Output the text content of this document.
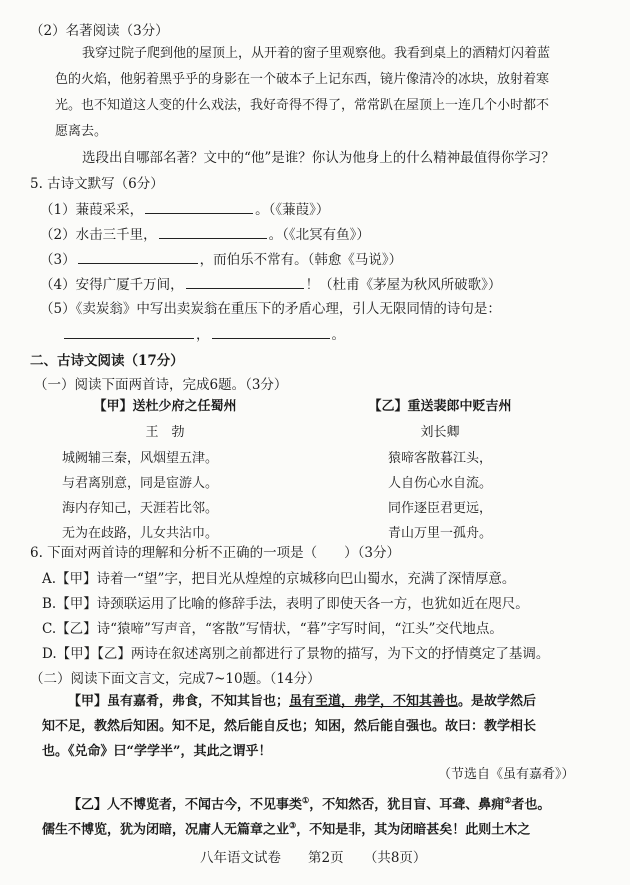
（2）名著阅读（3分）
我穿过院子爬到他的屋顶上，从开着的窗子里观察他。我看到桌上的酒精灯闪着蓝
色的火焰，他躬着黑乎乎的身影在一个破本子上记东西，镜片像清冷的冰块，放射着寒
光。也不知道这人变的什么戏法，我好奇得不得了，常常趴在屋顶上一连几个小时都不
愿离去。
选段出自哪部名著？文中的“他”是谁？你认为他身上的什么精神最值得你学习？
5. 古诗文默写（6分）
（1）蒹葭采采，	。（《蒹葭》）
（2）水击三千里，	。（《北冥有鱼》）
（3）	，而伯乐不常有。（韩愈《马说》）
（4）安得广厦千万间，	！（杜甫《茅屋为秋风所破歌》）
（5）《卖炭翁》中写出卖炭翁在重压下的矛盾心理，引人无限同情的诗句是：
，	。
二、古诗文阅读（17分）
（一）阅读下面两首诗，完成6题。（3分）
【甲】送杜少府之任蜀州
王　勃
城阙辅三秦，风烟望五津。
与君离别意，同是宦游人。
海内存知己，天涯若比邻。
无为在歧路，儿女共沾巾。
【乙】重送裴郎中贬吉州
刘长卿
猿啼客散暮江头，
人自伤心水自流。
同作逐臣君更远，
青山万里一孤舟。
6. 下面对两首诗的理解和分析不正确的一项是（　　）（3分）
A.【甲】诗着一“望”字，把目光从煌煌的京城移向巴山蜀水，充满了深情厚意。
B.【甲】诗颈联运用了比喻的修辞手法，表明了即使天各一方，也犹如近在咫尺。
C.【乙】诗“猿啼”写声音，“客散”写情状，“暮”字写时间，“江头”交代地点。
D.【甲】【乙】两诗在叙述离别之前都进行了景物的描写，为下文的抒情奠定了基调。
（二）阅读下面文言文，完成7~10题。（14分）
【甲】虽有嘉肴，弗食，不知其旨也；虽有至道，弗学，不知其善也。是故学然后
知不足，教然后知困。知不足，然后能自反也；知困，然后能自强也。故曰：教学相长
也。《兑命》曰“学学半”，其此之谓乎！
（节选自《虽有嘉肴》）
【乙】人不博览者，不闻古今，不见事类①，不知然否，犹目盲、耳聋、鼻痈②者也。
儒生不博览，犹为闭暗，况庸人无篇章之业③，不知是非，其为闭暗甚矣！此则土木之
八年语文试卷　　第2页　　（共8页）
